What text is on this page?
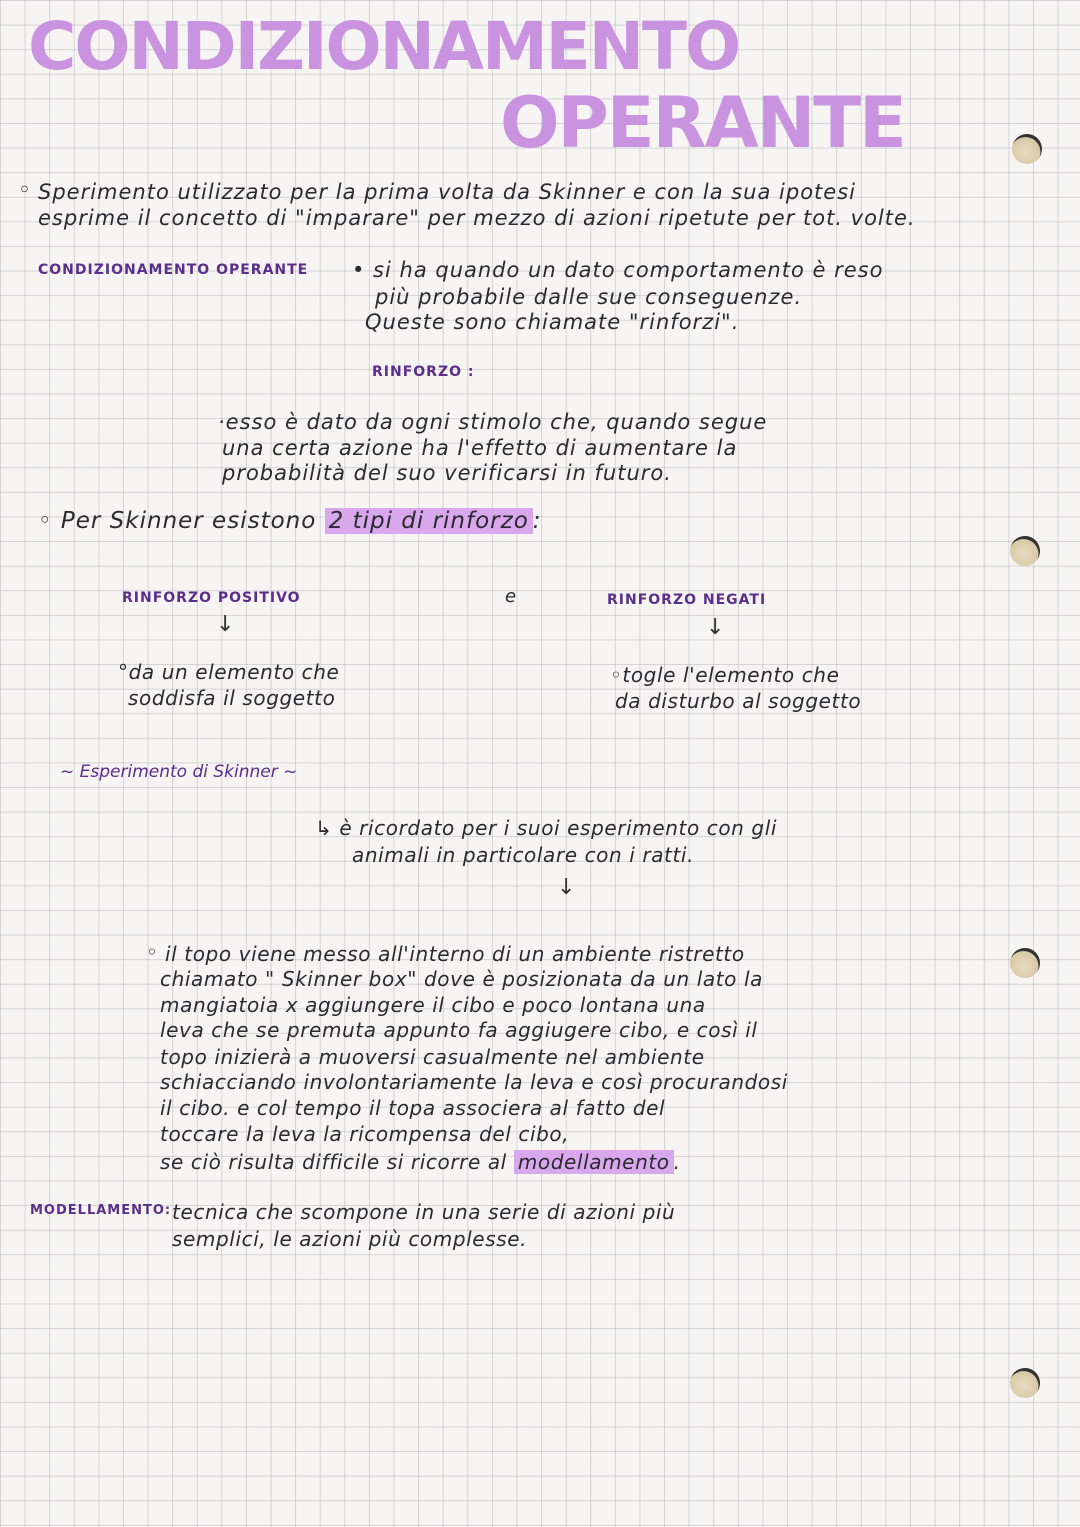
CONDIZIONAMENTO
OPERANTE
◦ Sperimento utilizzato per la prima volta da Skinner e con la sua ipotesi
esprime il concetto di "imparare" per mezzo di azioni ripetute per tot. volte.
CONDIZIONAMENTO OPERANTE • si ha quando un dato comportamento è reso
più probabile dalle sue conseguenze.
Queste sono chiamate "rinforzi".
RINFORZO :
·esso è dato da ogni stimolo che, quando segue
una certa azione ha l'effetto di aumentare la
probabilità del suo verificarsi in futuro.
◦ Per Skinner esistono 2 tipi di rinforzo :
RINFORZO POSITIVO	e	RINFORZO NEGATI
↓	↓
°da un elemento che
soddisfa il soggetto
◦togle l'elemento che
da disturbo al soggetto
~ Esperimento di Skinner ~
↳ è ricordato per i suoi esperimento con gli
animali in particolare con i ratti.
↓
◦ il topo viene messo all'interno di un ambiente ristretto
chiamato " Skinner box" dove è posizionata da un lato la
mangiatoia x aggiungere il cibo e poco lontana una
leva che se premuta appunto fa aggiugere cibo, e così il
topo inizierà a muoversi casualmente nel ambiente
schiacciando involontariamente la leva e così procurandosi
il cibo. e col tempo il topa associera al fatto del
toccare la leva la ricompensa del cibo,
se ciò risulta difficile si ricorre al modellamento .
MODELLAMENTO: tecnica che scompone in una serie di azioni più
semplici, le azioni più complesse.
